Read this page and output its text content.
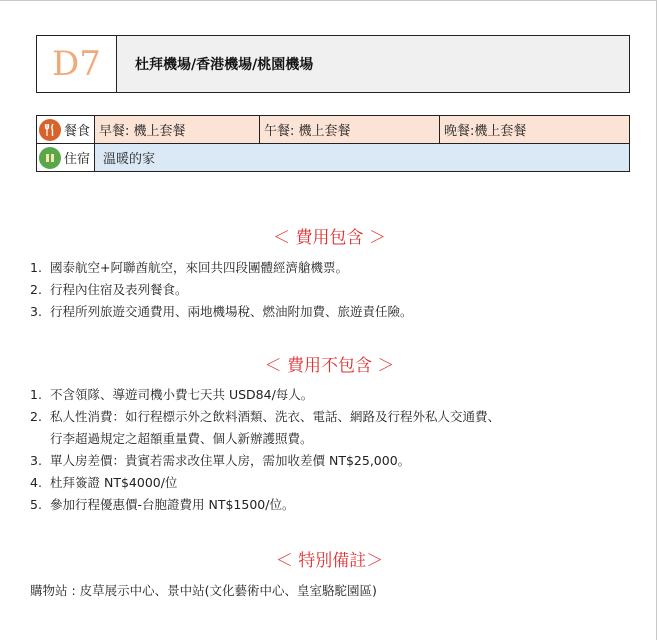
D7	杜拜機場/香港機場/桃園機場
餐食	早餐: 機上套餐	午餐: 機上套餐	晚餐:機上套餐

住宿	溫暖的家		
＜ 費用包含 ＞
1. 國泰航空+阿聯酋航空，來回共四段團體經濟艙機票。
2. 行程內住宿及表列餐食。
3. 行程所列旅遊交通費用、兩地機場稅、燃油附加費、旅遊責任險。
＜ 費用不包含 ＞
1. 不含領隊、導遊司機小費七天共 USD84/每人。
2. 私人性消費：如行程標示外之飲料酒類、洗衣、電話、網路及行程外私人交通費、
行李超過規定之超額重量費、個人新辦護照費。
3. 單人房差價：貴賓若需求改住單人房，需加收差價 NT$25,000。
4. 杜拜簽證 NT$4000/位
5. 參加行程優惠價-台胞證費用 NT$1500/位。
＜ 特別備註＞
購物站 : 皮草展示中心、景中站(文化藝術中心、皇室駱駝園區)
